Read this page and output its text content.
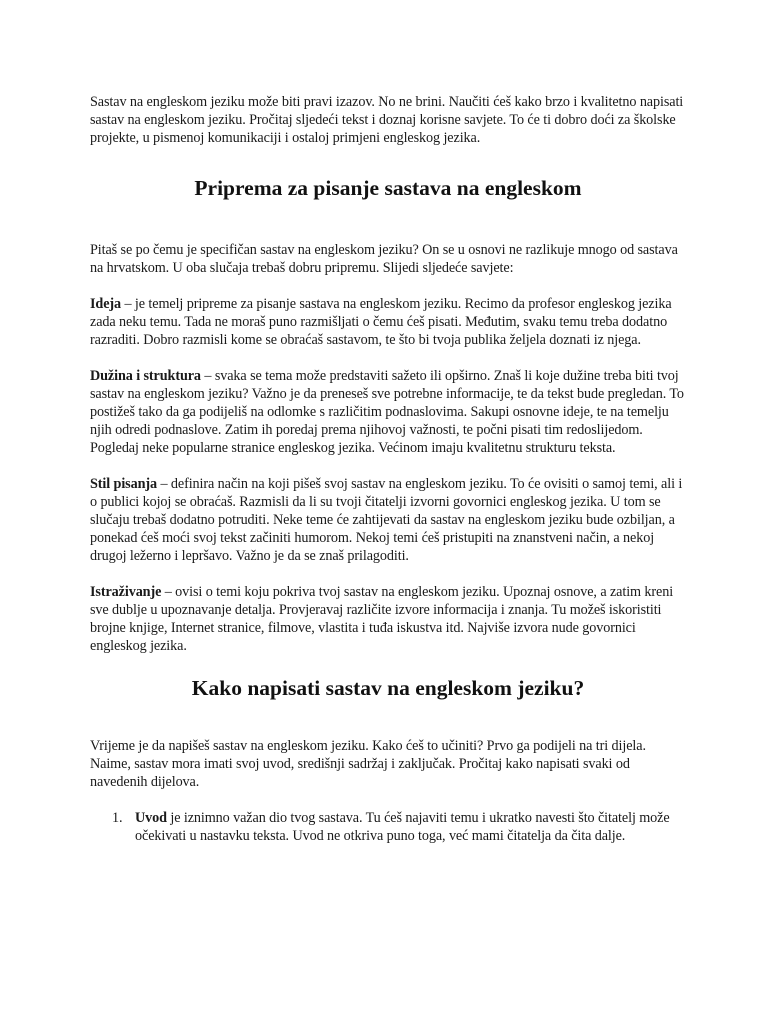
Sastav na engleskom jeziku može biti pravi izazov. No ne brini. Naučiti ćeš kako brzo i kvalitetno napisati sastav na engleskom jeziku. Pročitaj sljedeći tekst i doznaj korisne savjete. To će ti dobro doći za školske projekte, u pismenoj komunikaciji i ostaloj primjeni engleskog jezika.

Priprema za pisanje sastava na engleskom

Pitaš se po čemu je specifičan sastav na engleskom jeziku? On se u osnovi ne razlikuje mnogo od sastava na hrvatskom. U oba slučaja trebaš dobru pripremu. Slijedi sljedeće savjete:

Ideja – je temelj pripreme za pisanje sastava na engleskom jeziku. Recimo da profesor engleskog jezika zada neku temu. Tada ne moraš puno razmišljati o čemu ćeš pisati. Međutim, svaku temu treba dodatno razraditi. Dobro razmisli kome se obraćaš sastavom, te što bi tvoja publika željela doznati iz njega.

Dužina i struktura – svaka se tema može predstaviti sažeto ili opširno. Znaš li koje dužine treba biti tvoj sastav na engleskom jeziku? Važno je da preneseš sve potrebne informacije, te da tekst bude pregledan. To postižeš tako da ga podijeliš na odlomke s različitim podnaslovima. Sakupi osnovne ideje, te na temelju njih odredi podnaslove. Zatim ih poredaj prema njihovoj važnosti, te počni pisati tim redoslijedom. Pogledaj neke popularne stranice engleskog jezika. Većinom imaju kvalitetnu strukturu teksta.

Stil pisanja – definira način na koji pišeš svoj sastav na engleskom jeziku. To će ovisiti o samoj temi, ali i o publici kojoj se obraćaš. Razmisli da li su tvoji čitatelji izvorni govornici engleskog jezika. U tom se slučaju trebaš dodatno potruditi. Neke teme će zahtijevati da sastav na engleskom jeziku bude ozbiljan, a ponekad ćeš moći svoj tekst začiniti humorom. Nekoj temi ćeš pristupiti na znanstveni način, a nekoj drugoj ležerno i lepršavo. Važno je da se znaš prilagoditi.

Istraživanje – ovisi o temi koju pokriva tvoj sastav na engleskom jeziku. Upoznaj osnove, a zatim kreni sve dublje u upoznavanje detalja. Provjeravaj različite izvore informacija i znanja. Tu možeš iskoristiti brojne knjige, Internet stranice, filmove, vlastita i tuđa iskustva itd. Najviše izvora nude govornici engleskog jezika.

Kako napisati sastav na engleskom jeziku?

Vrijeme je da napišeš sastav na engleskom jeziku. Kako ćeš to učiniti? Prvo ga podijeli na tri dijela. Naime, sastav mora imati svoj uvod, središnji sadržaj i zaključak. Pročitaj kako napisati svaki od navedenih dijelova.

1. Uvod je iznimno važan dio tvog sastava. Tu ćeš najaviti temu i ukratko navesti što čitatelj može očekivati u nastavku teksta. Uvod ne otkriva puno toga, već mami čitatelja da čita dalje.
